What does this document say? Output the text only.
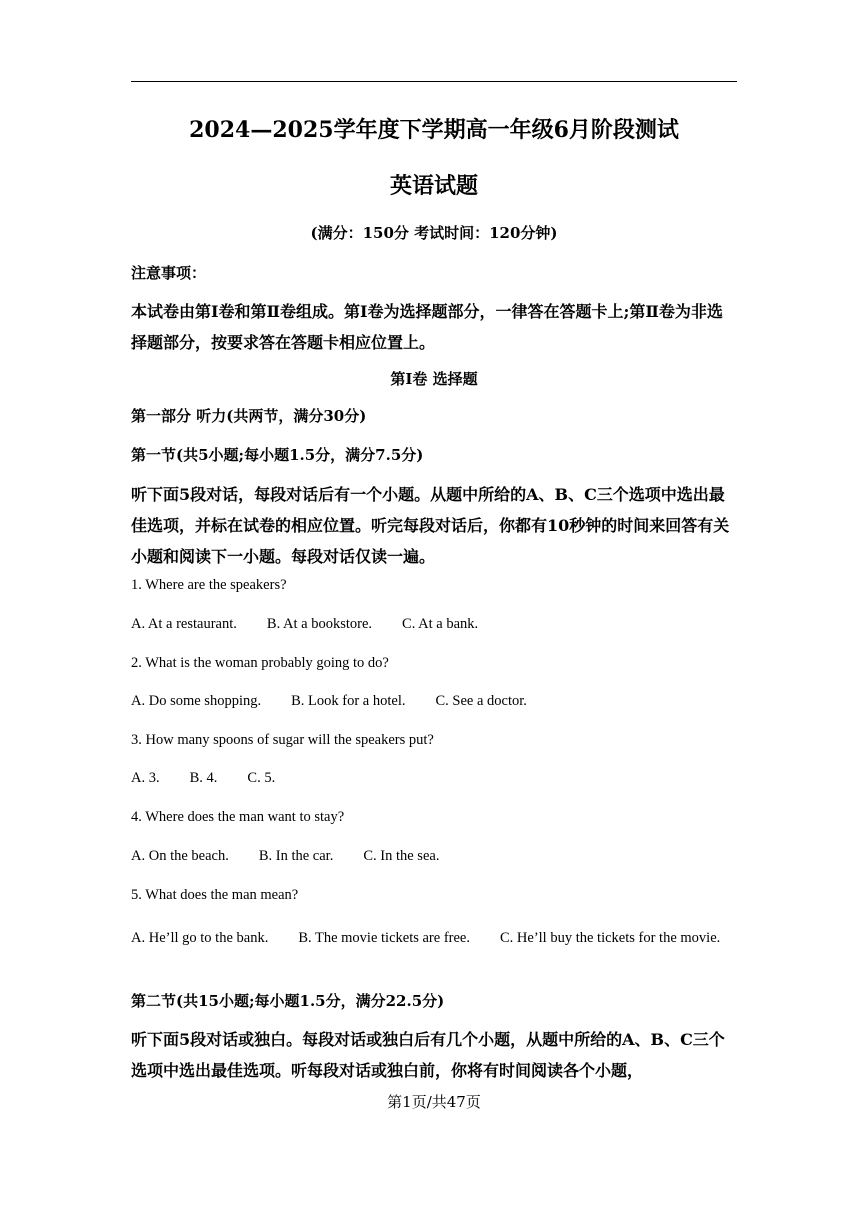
2024—2025学年度下学期高一年级6月阶段测试
英语试题
(满分：150分 考试时间：120分钟)
注意事项：
本试卷由第Ⅰ卷和第Ⅱ卷组成。第Ⅰ卷为选择题部分，一律答在答题卡上;第Ⅱ卷为非选择题部分，按要求答在答题卡相应位置上。
第Ⅰ卷 选择题
第一部分 听力(共两节，满分30分)
第一节(共5小题;每小题1.5分，满分7.5分)
听下面5段对话，每段对话后有一个小题。从题中所给的A、B、C三个选项中选出最佳选项，并标在试卷的相应位置。听完每段对话后，你都有10秒钟的时间来回答有关小题和阅读下一小题。每段对话仅读一遍。
1. Where are the speakers?
A. At a restaurant. B. At a bookstore. C. At a bank.
2. What is the woman probably going to do?
A. Do some shopping. B. Look for a hotel. C. See a doctor.
3. How many spoons of sugar will the speakers put?
A. 3. B. 4. C. 5.
4. Where does the man want to stay?
A. On the beach. B. In the car. C. In the sea.
5. What does the man mean?
A. He’ll go to the bank. B. The movie tickets are free. C. He’ll buy the tickets for the movie.
第二节(共15小题;每小题1.5分，满分22.5分)
听下面5段对话或独白。每段对话或独白后有几个小题，从题中所给的A、B、C三个选项中选出最佳选项。听每段对话或独白前，你将有时间阅读各个小题，
第1页/共47页
